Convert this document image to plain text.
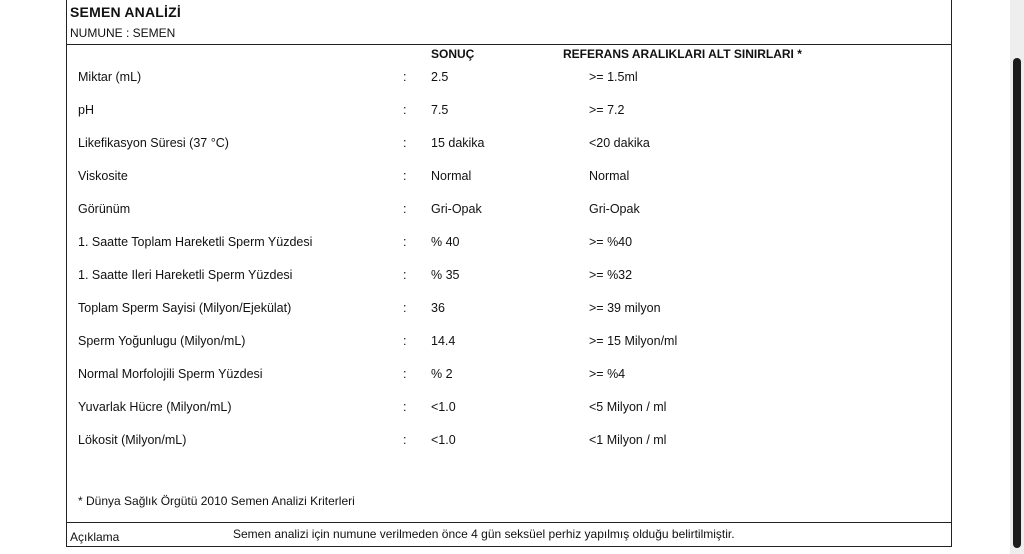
SEMEN ANALİZİ
NUMUNE : SEMEN
SONUÇ	REFERANS ARALIKLARI ALT SINIRLARI *
Miktar (mL)	: 2.5	>= 1.5ml
pH	: 7.5	>= 7.2
Likefikasyon Süresi (37 °C)	: 15 dakika	<20 dakika
Viskosite	: Normal	Normal
Görünüm	: Gri-Opak	Gri-Opak
1. Saatte Toplam Hareketli Sperm Yüzdesi	: % 40	>= %40
1. Saatte Ileri Hareketli Sperm Yüzdesi	: % 35	>= %32
Toplam Sperm Sayisi (Milyon/Ejekülat)	: 36	>= 39 milyon
Sperm Yoğunlugu (Milyon/mL)	: 14.4	>= 15 Milyon/ml
Normal Morfolojili Sperm Yüzdesi	: % 2	>= %4
Yuvarlak Hücre (Milyon/mL)	: <1.0	<5 Milyon / ml
Lökosit (Milyon/mL)	: <1.0	<1 Milyon / ml
* Dünya Sağlık Örgütü 2010 Semen Analizi Kriterleri
Açıklama	Semen analizi için numune verilmeden önce 4 gün seksüel perhiz yapılmış olduğu belirtilmiştir.
